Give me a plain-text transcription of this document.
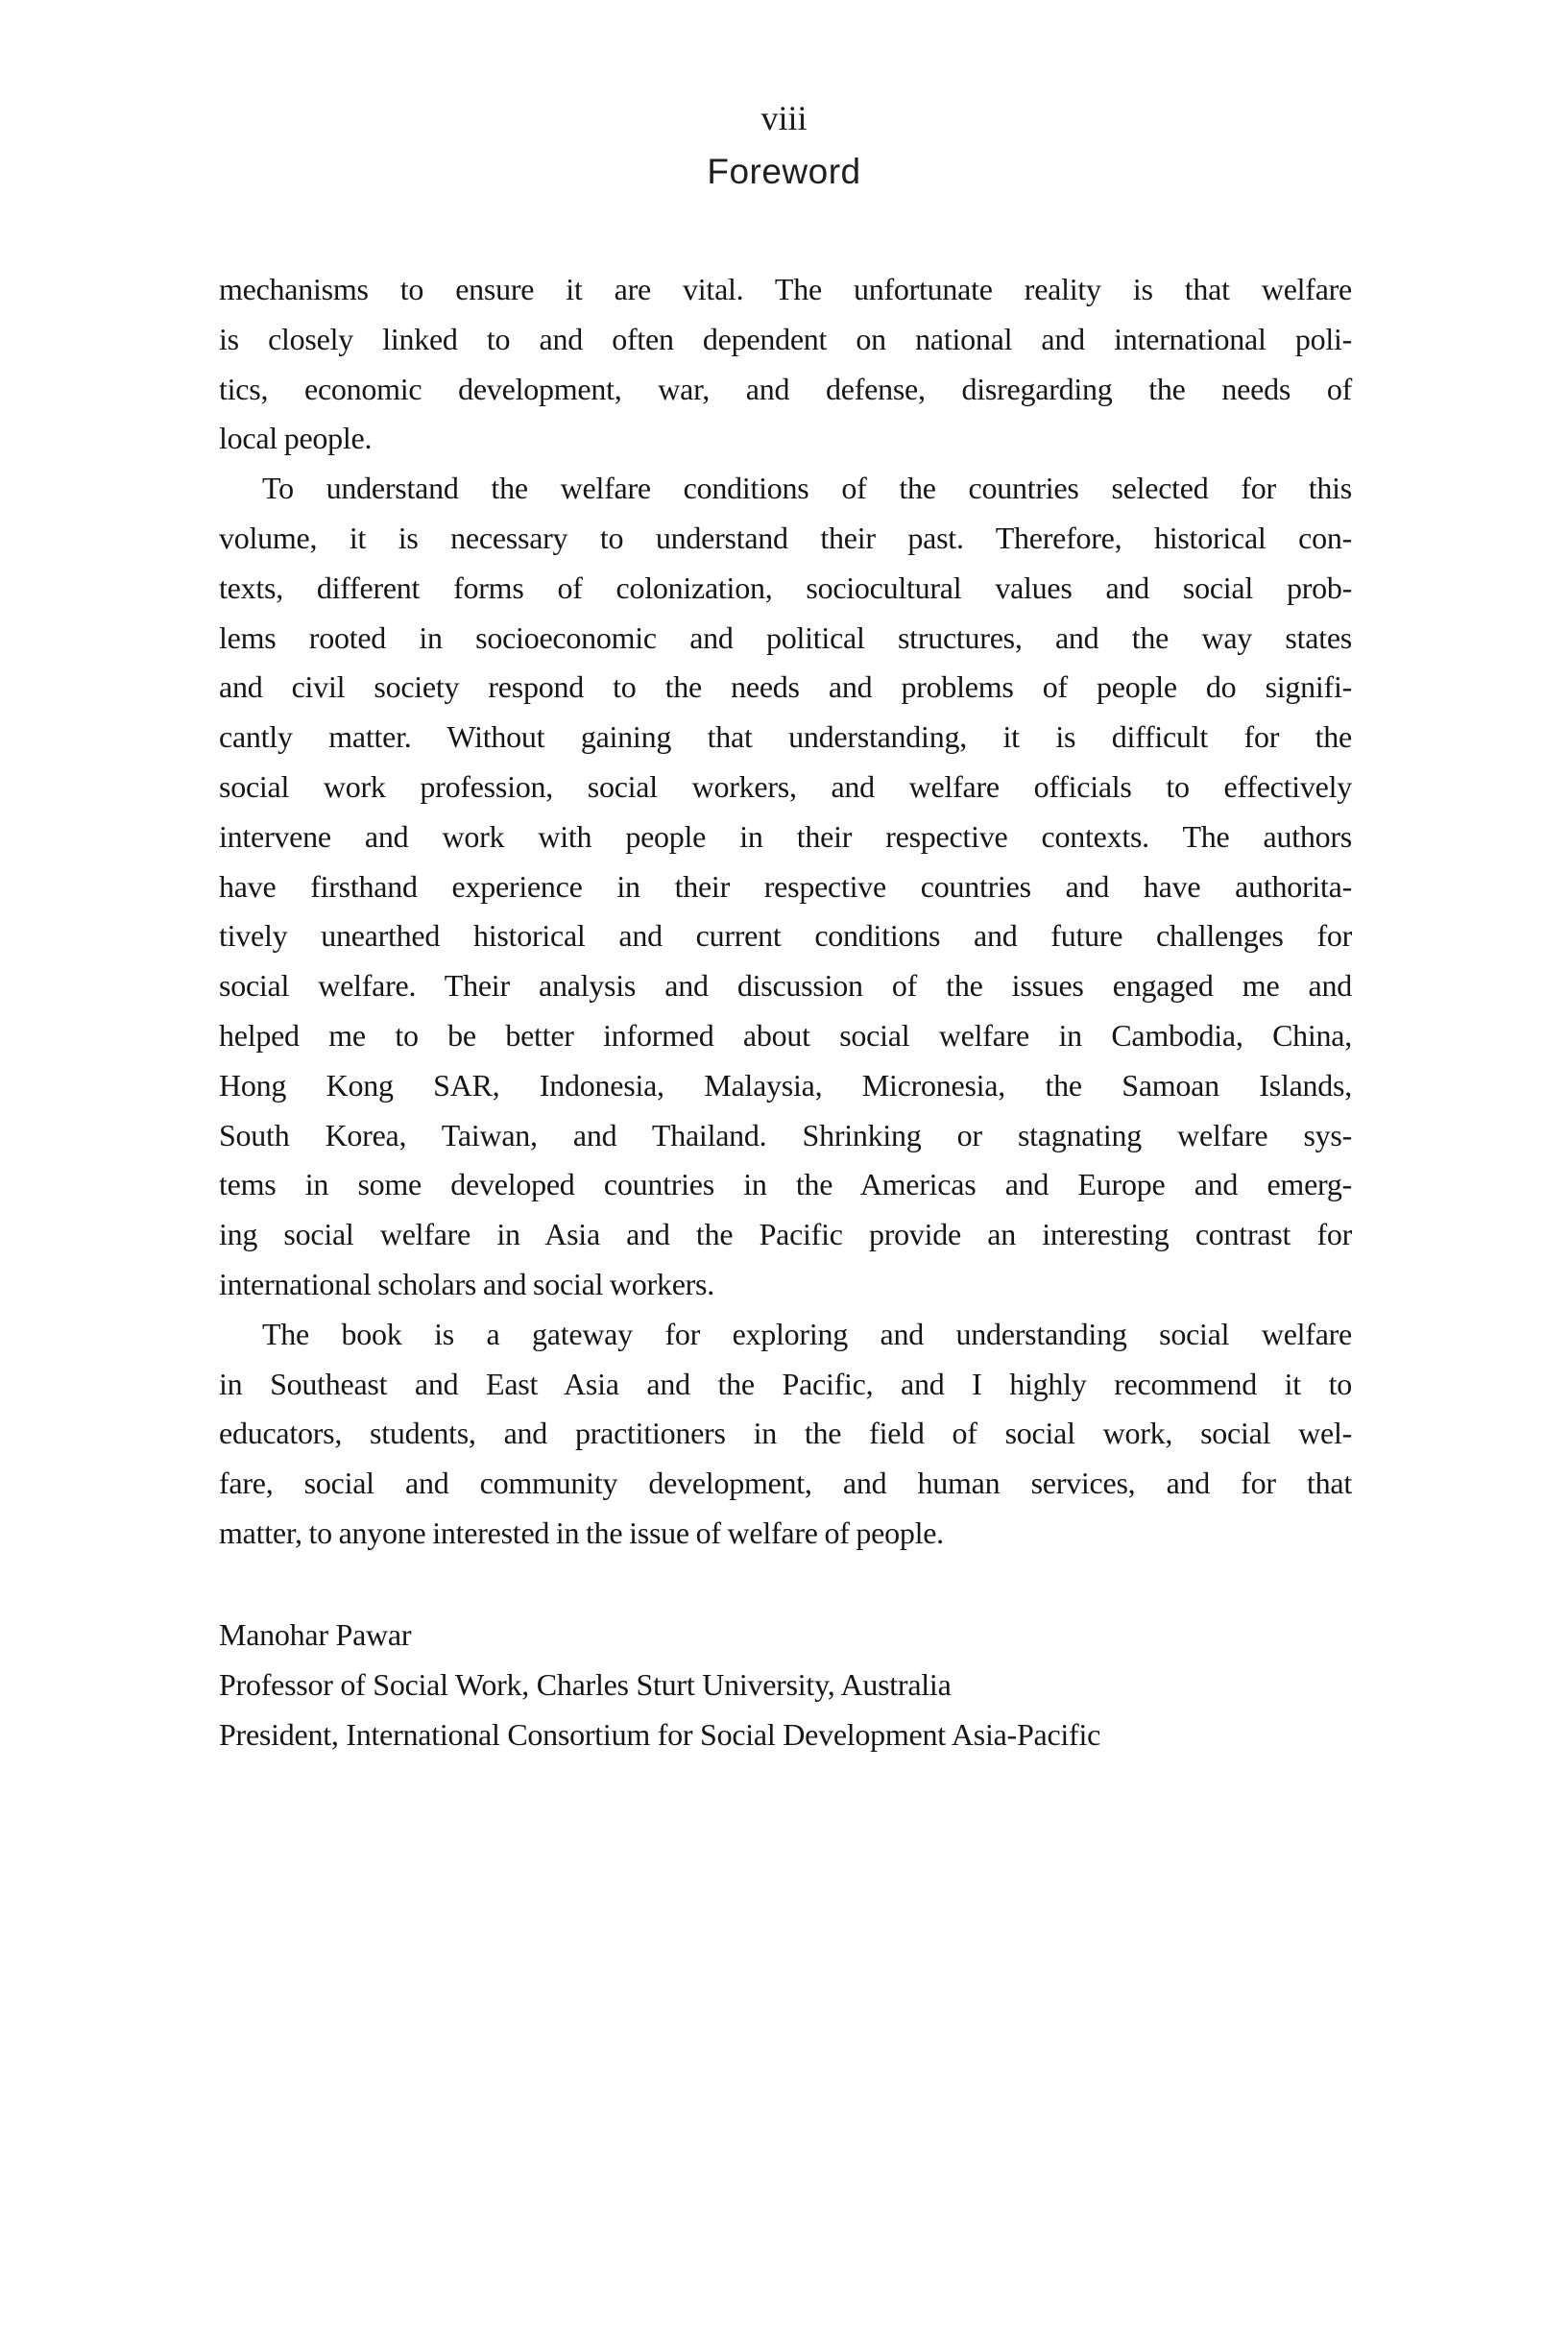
viii
Foreword

mechanisms to ensure it are vital. The unfortunate reality is that welfare
is closely linked to and often dependent on national and international poli-
tics, economic development, war, and defense, disregarding the needs of
local people.

To understand the welfare conditions of the countries selected for this
volume, it is necessary to understand their past. Therefore, historical con-
texts, different forms of colonization, sociocultural values and social prob-
lems rooted in socioeconomic and political structures, and the way states
and civil society respond to the needs and problems of people do signifi-
cantly matter. Without gaining that understanding, it is difficult for the
social work profession, social workers, and welfare officials to effectively
intervene and work with people in their respective contexts. The authors
have firsthand experience in their respective countries and have authorita-
tively unearthed historical and current conditions and future challenges for
social welfare. Their analysis and discussion of the issues engaged me and
helped me to be better informed about social welfare in Cambodia, China,
Hong Kong SAR, Indonesia, Malaysia, Micronesia, the Samoan Islands,
South Korea, Taiwan, and Thailand. Shrinking or stagnating welfare sys-
tems in some developed countries in the Americas and Europe and emerg-
ing social welfare in Asia and the Pacific provide an interesting contrast for
international scholars and social workers.

The book is a gateway for exploring and understanding social welfare
in Southeast and East Asia and the Pacific, and I highly recommend it to
educators, students, and practitioners in the field of social work, social wel-
fare, social and community development, and human services, and for that
matter, to anyone interested in the issue of welfare of people.

Manohar Pawar
Professor of Social Work, Charles Sturt University, Australia
President, International Consortium for Social Development Asia-Pacific
